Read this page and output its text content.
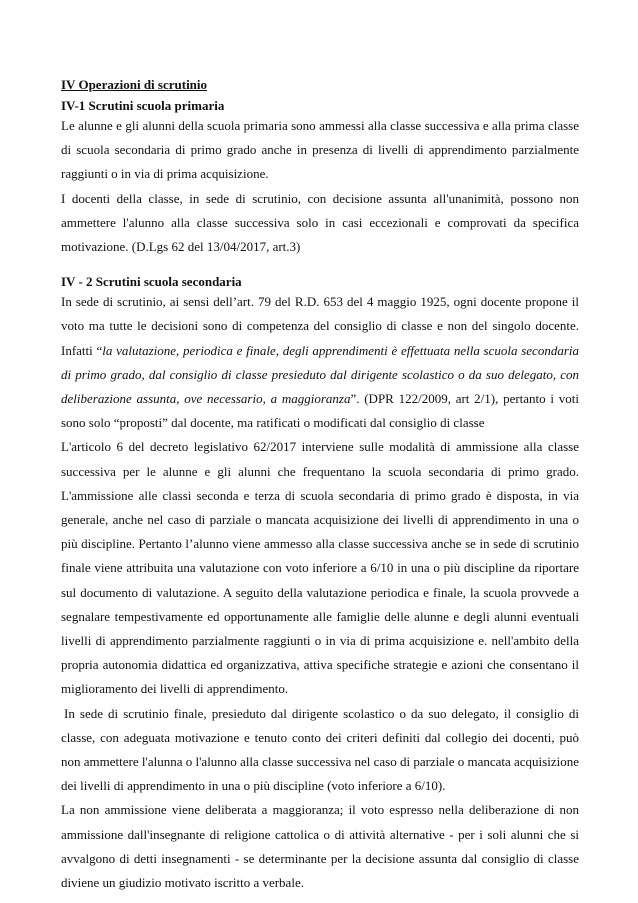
IV Operazioni di scrutinio

IV-1 Scrutini scuola primaria

Le alunne e gli alunni della scuola primaria sono ammessi alla classe successiva e alla prima classe di scuola secondaria di primo grado anche in presenza di livelli di apprendimento parzialmente raggiunti o in via di prima acquisizione.

I docenti della classe, in sede di scrutinio, con decisione assunta all'unanimità, possono non ammettere l'alunno alla classe successiva solo in casi eccezionali e comprovati da specifica motivazione. (D.Lgs 62 del 13/04/2017, art.3)

IV - 2 Scrutini scuola secondaria

In sede di scrutinio, ai sensi dell’art. 79 del R.D. 653 del 4 maggio 1925, ogni docente propone il voto ma tutte le decisioni sono di competenza del consiglio di classe e non del singolo docente. Infatti “la valutazione, periodica e finale, degli apprendimenti è effettuata nella scuola secondaria di primo grado, dal consiglio di classe presieduto dal dirigente scolastico o da suo delegato, con deliberazione assunta, ove necessario, a maggioranza”. (DPR 122/2009, art 2/1), pertanto i voti sono solo “proposti” dal docente, ma ratificati o modificati dal consiglio di classe

L'articolo 6 del decreto legislativo 62/2017 interviene sulle modalità di ammissione alla classe successiva per le alunne e gli alunni che frequentano la scuola secondaria di primo grado. L'ammissione alle classi seconda e terza di scuola secondaria di primo grado è disposta, in via generale, anche nel caso di parziale o mancata acquisizione dei livelli di apprendimento in una o più discipline. Pertanto l’alunno viene ammesso alla classe successiva anche se in sede di scrutinio finale viene attribuita una valutazione con voto inferiore a 6/10 in una o più discipline da riportare sul documento di valutazione. A seguito della valutazione periodica e finale, la scuola provvede a segnalare tempestivamente ed opportunamente alle famiglie delle alunne e degli alunni eventuali livelli di apprendimento parzialmente raggiunti o in via di prima acquisizione e. nell'ambito della propria autonomia didattica ed organizzativa, attiva specifiche strategie e azioni che consentano il miglioramento dei livelli di apprendimento.

In sede di scrutinio finale, presieduto dal dirigente scolastico o da suo delegato, il consiglio di classe, con adeguata motivazione e tenuto conto dei criteri definiti dal collegio dei docenti, può non ammettere l'alunna o l'alunno alla classe successiva nel caso di parziale o mancata acquisizione dei livelli di apprendimento in una o più discipline (voto inferiore a 6/10).

La non ammissione viene deliberata a maggioranza; il voto espresso nella deliberazione di non ammissione dall'insegnante di religione cattolica o di attività alternative - per i soli alunni che si avvalgono di detti insegnamenti - se determinante per la decisione assunta dal consiglio di classe diviene un giudizio motivato iscritto a verbale.
